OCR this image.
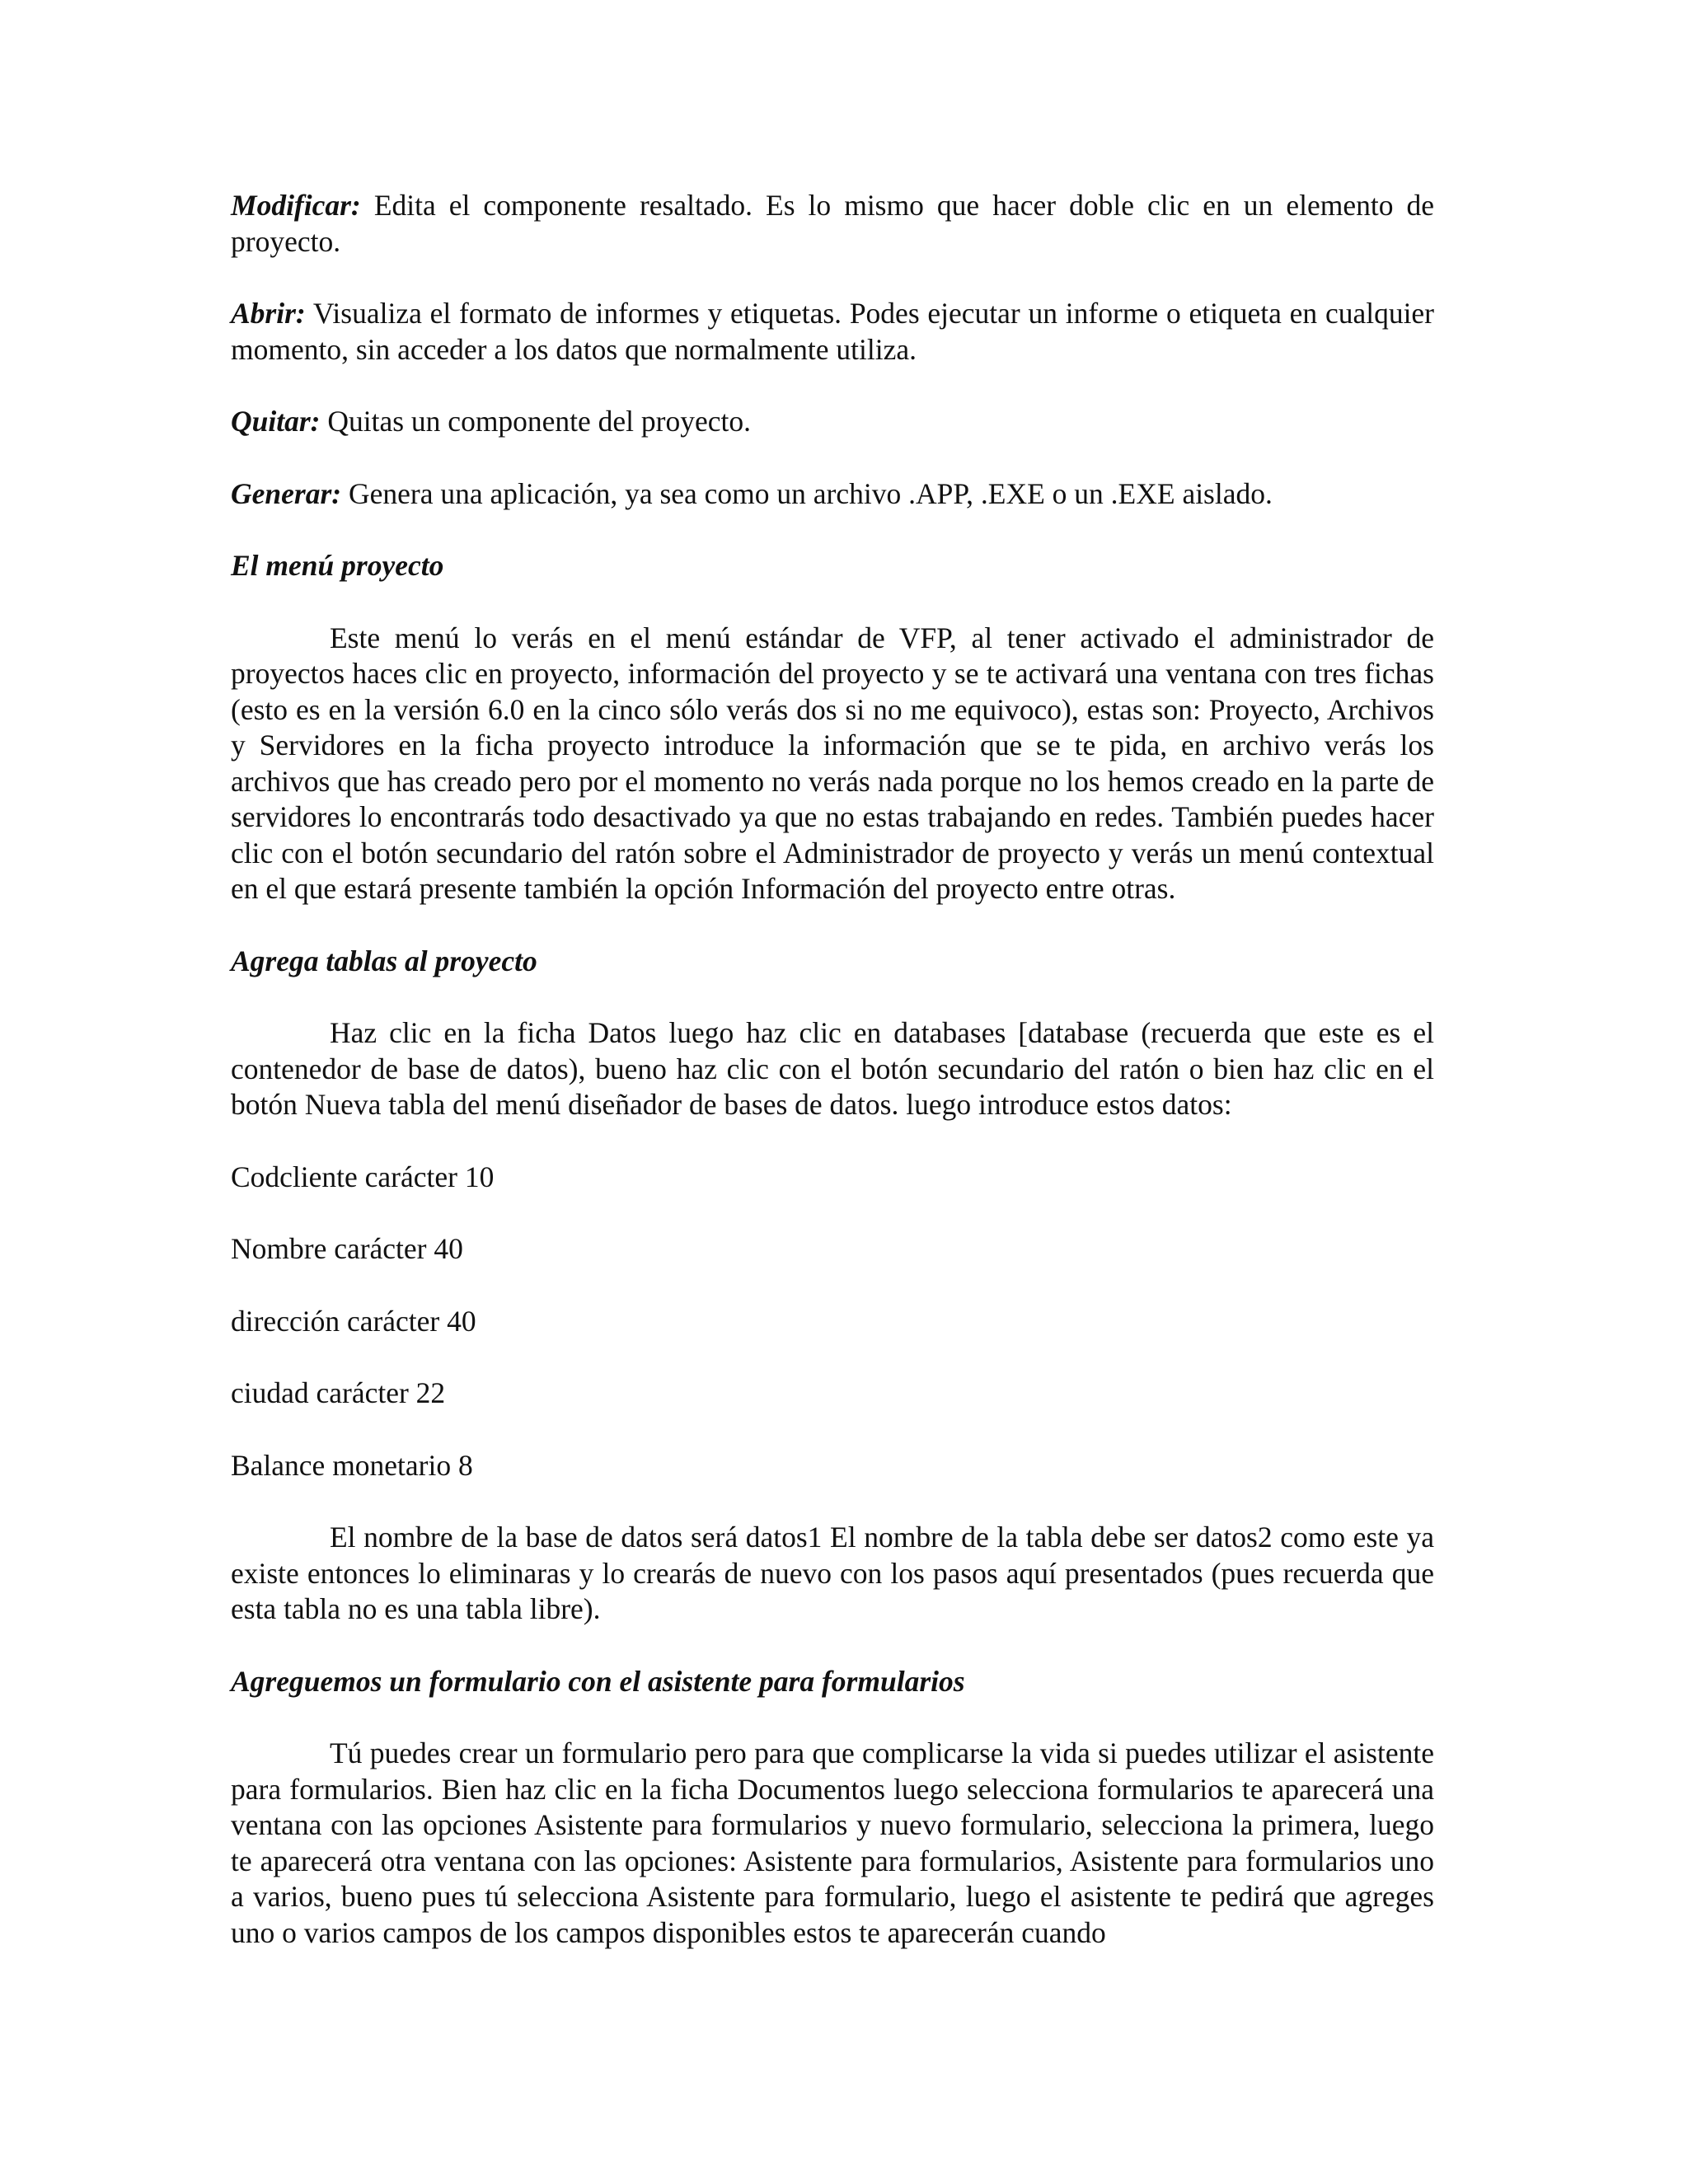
Modificar: Edita el componente resaltado. Es lo mismo que hacer doble clic en un elemento de proyecto.

Abrir: Visualiza el formato de informes y etiquetas. Podes ejecutar un informe o etiqueta en cualquier momento, sin acceder a los datos que normalmente utiliza.

Quitar: Quitas un componente del proyecto.

Generar: Genera una aplicación, ya sea como un archivo .APP, .EXE o un .EXE aislado.

El menú proyecto

Este menú lo verás en el menú estándar de VFP, al tener activado el administrador de proyectos haces clic en proyecto, información del proyecto y se te activará una ventana con tres fichas (esto es en la versión 6.0 en la cinco sólo verás dos si no me equivoco), estas son: Proyecto, Archivos y Servidores en la ficha proyecto introduce la información que se te pida, en archivo verás los archivos que has creado pero por el momento no verás nada porque no los hemos creado en la parte de servidores lo encontrarás todo desactivado ya que no estas trabajando en redes. También puedes hacer clic con el botón secundario del ratón sobre el Administrador de proyecto y verás un menú contextual en el que estará presente también la opción Información del proyecto entre otras.

Agrega tablas al proyecto

Haz clic en la ficha Datos luego haz clic en databases [database (recuerda que este es el contenedor de base de datos), bueno haz clic con el botón secundario del ratón o bien haz clic en el botón Nueva tabla del menú diseñador de bases de datos. luego introduce estos datos:

Codcliente carácter 10

Nombre carácter 40

dirección carácter 40

ciudad carácter 22

Balance monetario 8

El nombre de la base de datos será datos1 El nombre de la tabla debe ser datos2 como este ya existe entonces lo eliminaras y lo crearás de nuevo con los pasos aquí presentados (pues recuerda que esta tabla no es una tabla libre).

Agreguemos un formulario con el asistente para formularios

Tú puedes crear un formulario pero para que complicarse la vida si puedes utilizar el asistente para formularios. Bien haz clic en la ficha Documentos luego selecciona formularios te aparecerá una ventana con las opciones Asistente para formularios y nuevo formulario, selecciona la primera, luego te aparecerá otra ventana con las opciones: Asistente para formularios, Asistente para formularios uno a varios, bueno pues tú selecciona Asistente para formulario, luego el asistente te pedirá que agreges uno o varios campos de los campos disponibles estos te aparecerán cuando
